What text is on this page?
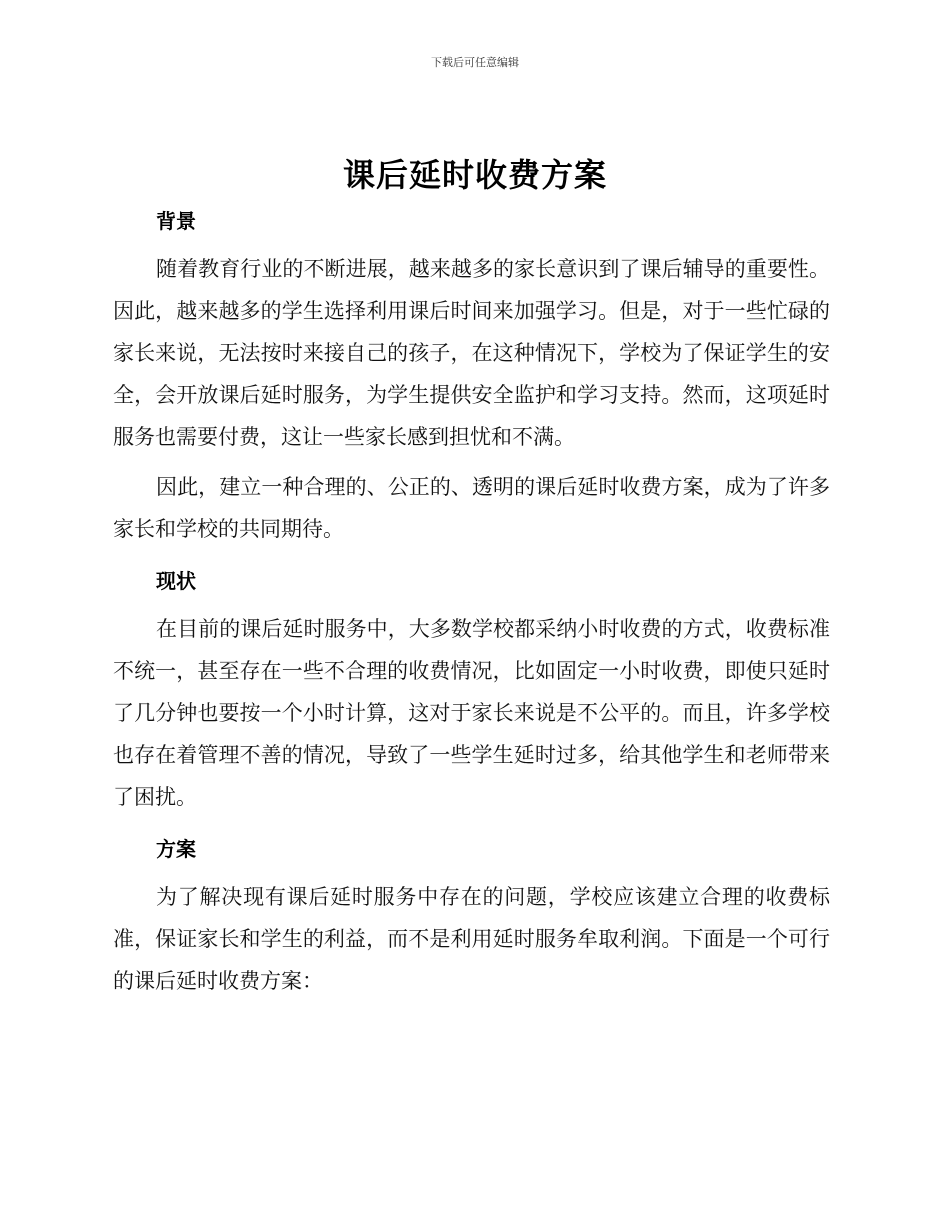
下载后可任意编辑
课后延时收费方案
背景

随着教育行业的不断进展，越来越多的家长意识到了课后辅导的重要性。因此，越来越多的学生选择利用课后时间来加强学习。但是，对于一些忙碌的家长来说，无法按时来接自己的孩子，在这种情况下，学校为了保证学生的安全，会开放课后延时服务，为学生提供安全监护和学习支持。然而，这项延时服务也需要付费，这让一些家长感到担忧和不满。

因此，建立一种合理的、公正的、透明的课后延时收费方案，成为了许多家长和学校的共同期待。

现状

在目前的课后延时服务中，大多数学校都采纳小时收费的方式，收费标准不统一，甚至存在一些不合理的收费情况，比如固定一小时收费，即使只延时了几分钟也要按一个小时计算，这对于家长来说是不公平的。而且，许多学校也存在着管理不善的情况，导致了一些学生延时过多，给其他学生和老师带来了困扰。

方案

为了解决现有课后延时服务中存在的问题，学校应该建立合理的收费标准，保证家长和学生的利益，而不是利用延时服务牟取利润。下面是一个可行的课后延时收费方案：
